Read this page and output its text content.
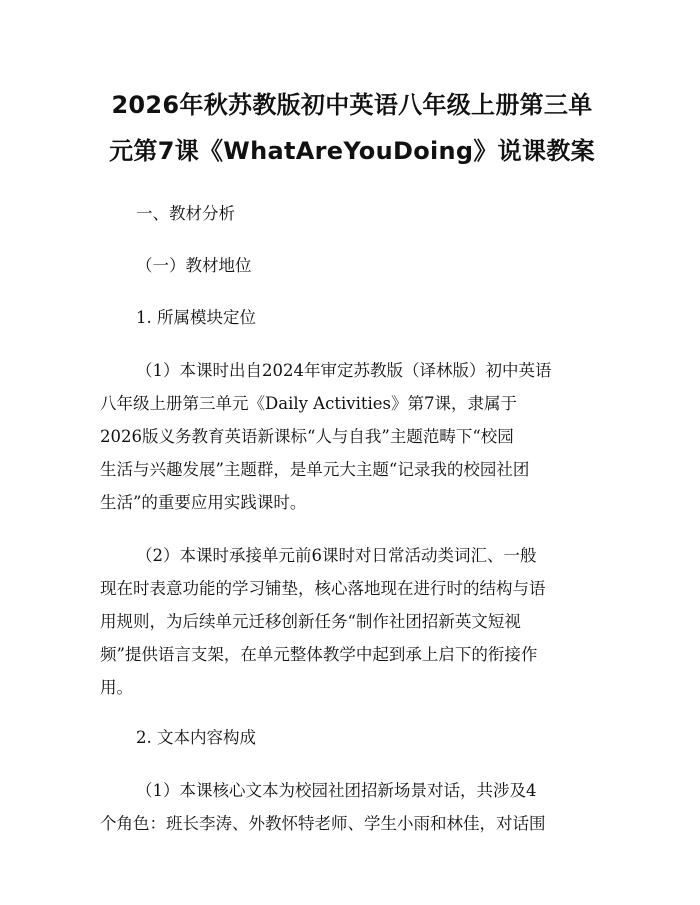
2026年秋苏教版初中英语八年级上册第三单
元第7课《WhatAreYouDoing》说课教案

一、教材分析

（一）教材地位

1. 所属模块定位

（1）本课时出自2024年审定苏教版（译林版）初中英语
八年级上册第三单元《Daily Activities》第7课，隶属于
2026版义务教育英语新课标“人与自我”主题范畴下“校园
生活与兴趣发展”主题群，是单元大主题“记录我的校园社团
生活”的重要应用实践课时。

（2）本课时承接单元前6课时对日常活动类词汇、一般
现在时表意功能的学习铺垫，核心落地现在进行时的结构与语
用规则，为后续单元迁移创新任务“制作社团招新英文短视
频”提供语言支架，在单元整体教学中起到承上启下的衔接作
用。

2. 文本内容构成

（1）本课核心文本为校园社团招新场景对话，共涉及4
个角色：班长李涛、外教怀特老师、学生小雨和林佳，对话围
